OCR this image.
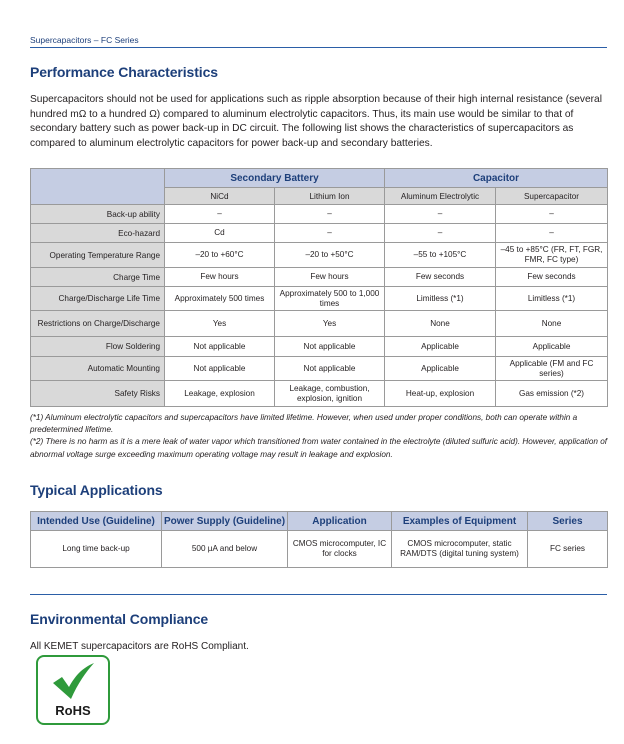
Supercapacitors – FC Series
Performance Characteristics

Supercapacitors should not be used for applications such as ripple absorption because of their high internal resistance (several hundred mΩ to a hundred Ω) compared to aluminum electrolytic capacitors. Thus, its main use would be similar to that of secondary battery such as power back-up in DC circuit. The following list shows the characteristics of supercapacitors as compared to aluminum electrolytic capacitors for power back-up and secondary batteries.

	Secondary Battery		Capacitor	
	NiCd	Lithium Ion	Aluminum Electrolytic	Supercapacitor
Back-up ability	–	–	–	–
Eco-hazard	Cd	–	–	–
Operating Temperature Range	–20 to +60°C	–20 to +50°C	–55 to +105°C	–45 to +85°C (FR, FT, FGR, FMR, FC type)
Charge Time	Few hours	Few hours	Few seconds	Few seconds
Charge/Discharge Life Time	Approximately 500 times	Approximately 500 to 1,000 times	Limitless (*1)	Limitless (*1)
Restrictions on Charge/Discharge	Yes	Yes	None	None
Flow Soldering	Not applicable	Not applicable	Applicable	Applicable
Automatic Mounting	Not applicable	Not applicable	Applicable	Applicable (FM and FC series)
Safety Risks	Leakage, explosion	Leakage, combustion, explosion, ignition	Heat-up, explosion	Gas emission (*2)
(*1) Aluminum electrolytic capacitors and supercapacitors have limited lifetime. However, when used under proper conditions, both can operate within a predetermined lifetime.
(*2) There is no harm as it is a mere leak of water vapor which transitioned from water contained in the electrolyte (diluted sulfuric acid). However, application of abnormal voltage surge exceeding maximum operating voltage may result in leakage and explosion.
Typical Applications
Intended Use (Guideline)	Power Supply (Guideline)	Application	Examples of Equipment	Series
Long time back-up	500 µA and below	CMOS microcomputer, IC for clocks	CMOS microcomputer, static RAM/DTS (digital tuning system)	FC series
Environmental Compliance

All KEMET supercapacitors are RoHS Compliant.

RoHS
